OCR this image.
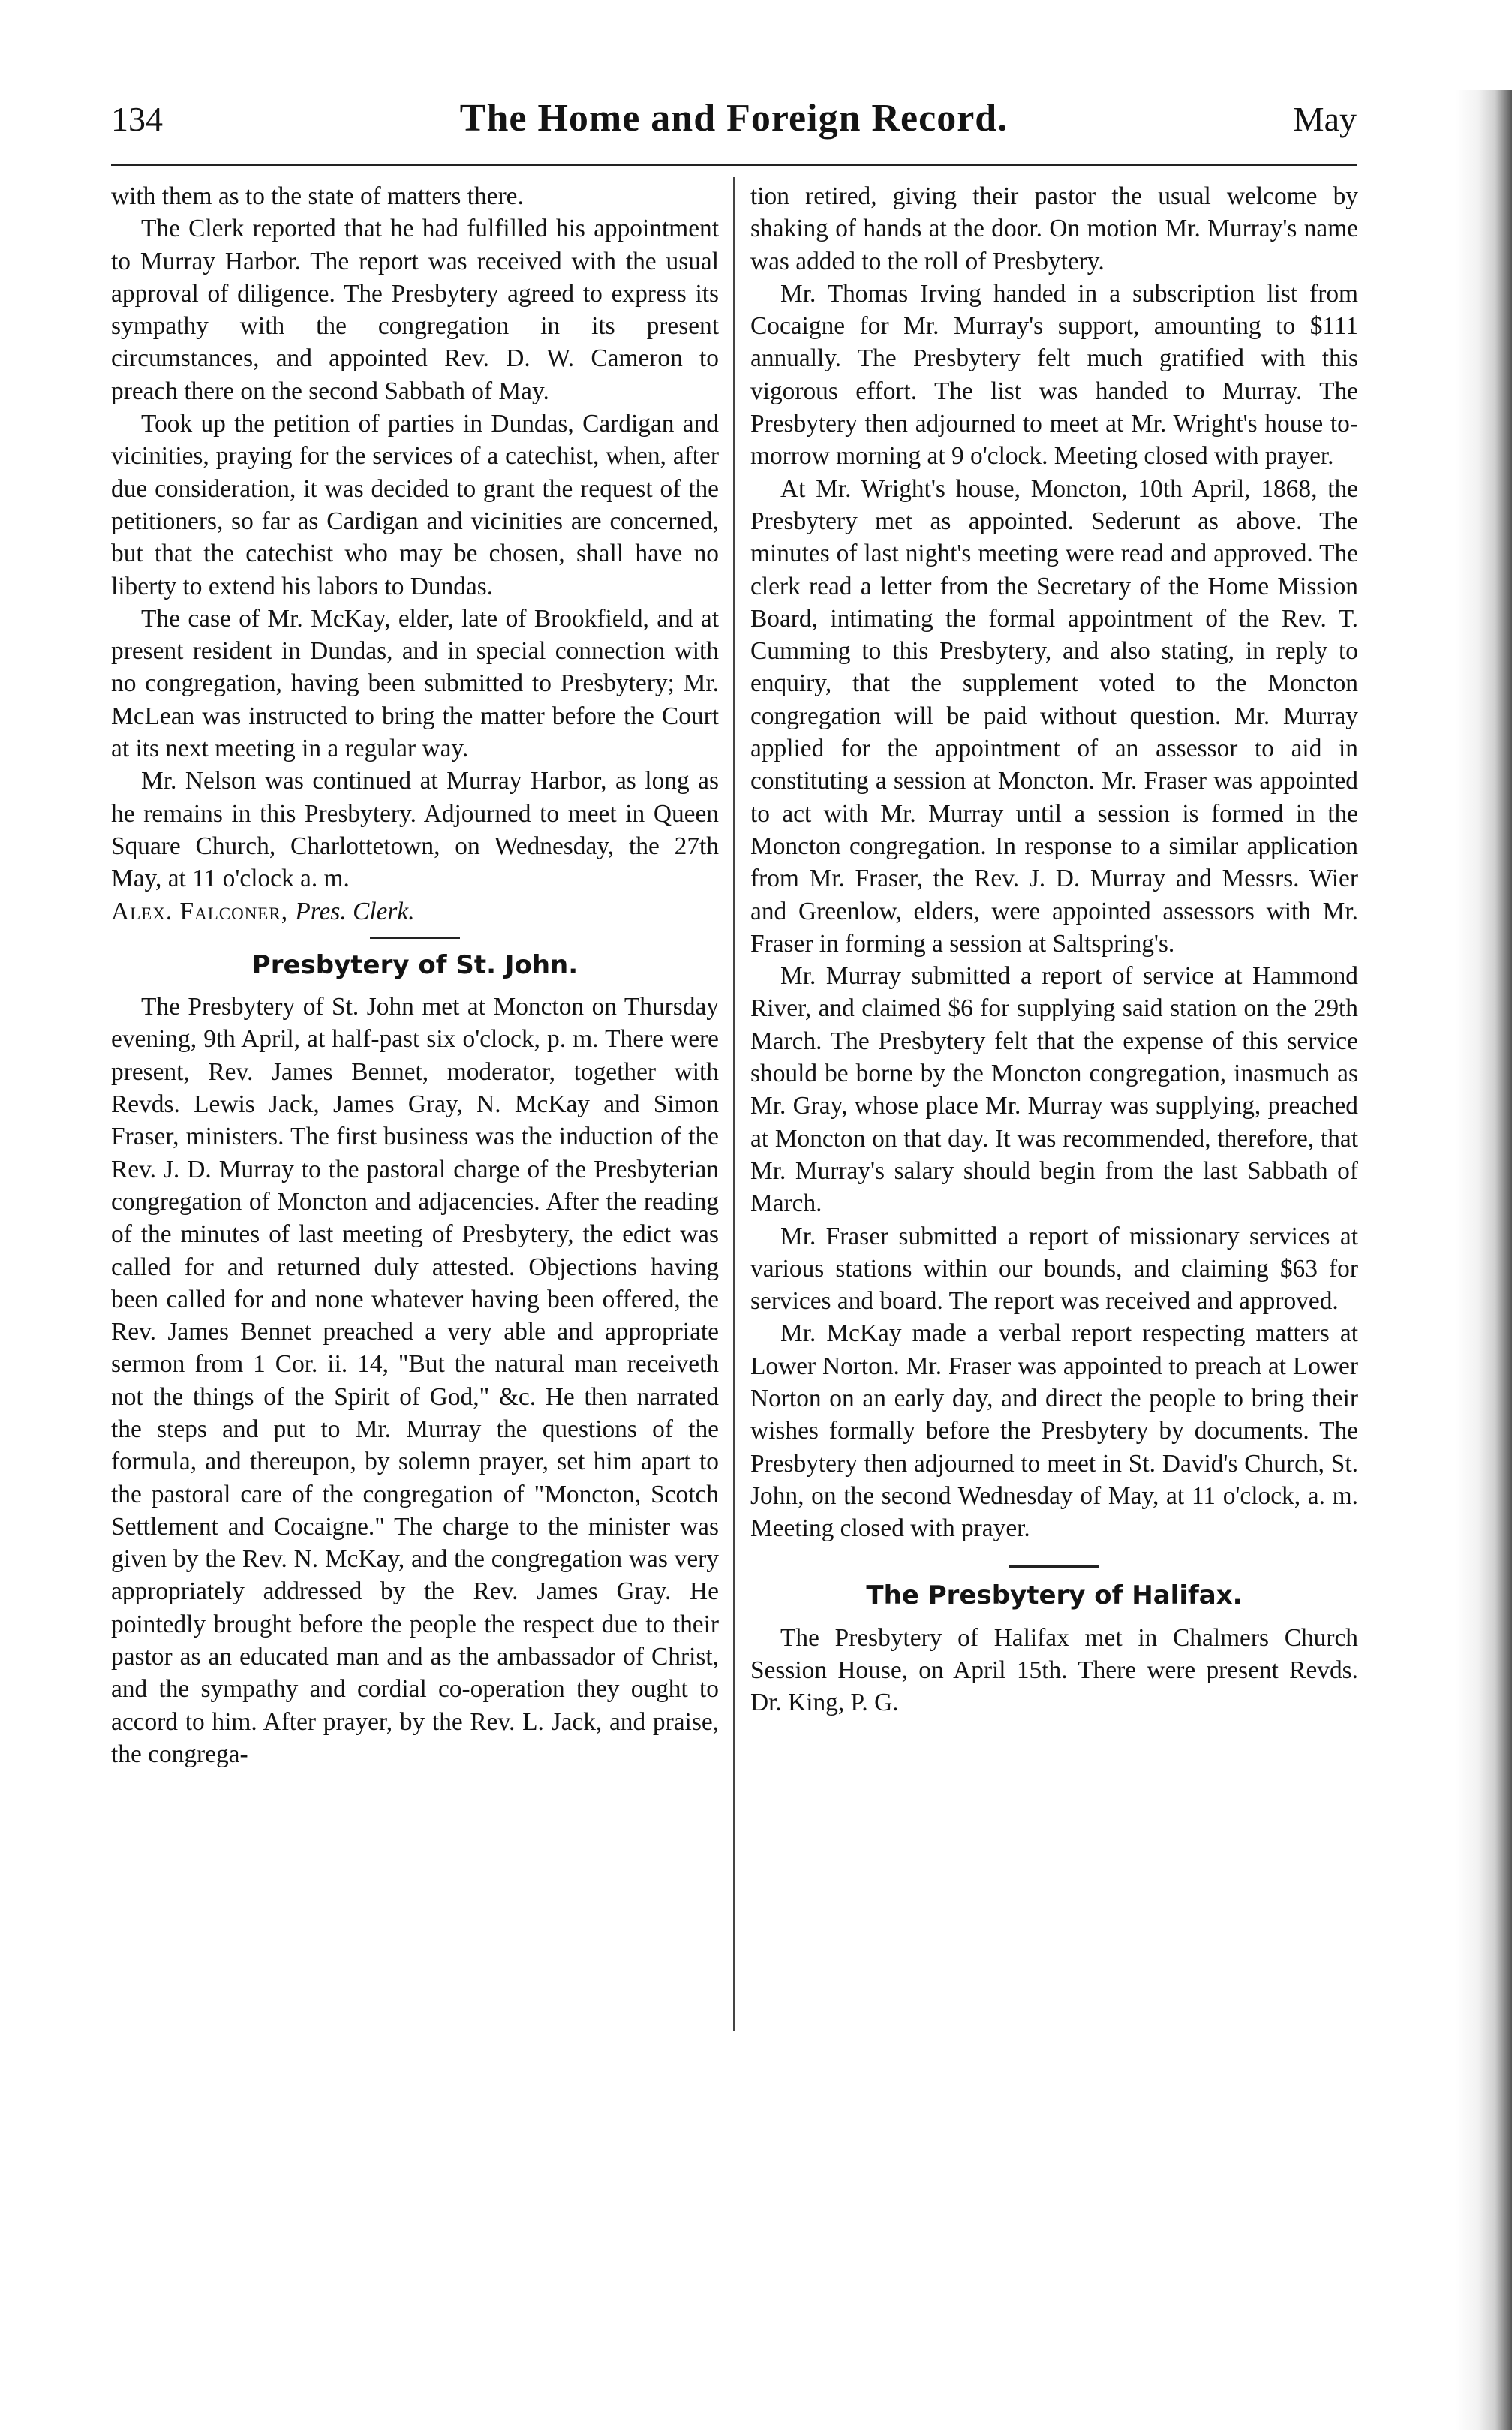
134	The Home and Foreign Record.	May

with them as to the state of matters there.

The Clerk reported that he had fulfilled his appointment to Murray Harbor. The report was received with the usual approval of diligence. The Presbytery agreed to express its sympathy with the congregation in its present circumstances, and appointed Rev. D. W. Cameron to preach there on the second Sabbath of May.

Took up the petition of parties in Dundas, Cardigan and vicinities, praying for the services of a catechist, when, after due consideration, it was decided to grant the request of the petitioners, so far as Cardigan and vicinities are concerned, but that the catechist who may be chosen, shall have no liberty to extend his labors to Dundas.

The case of Mr. McKay, elder, late of Brookfield, and at present resident in Dundas, and in special connection with no congregation, having been submitted to Presbytery; Mr. McLean was instructed to bring the matter before the Court at its next meeting in a regular way.

Mr. Nelson was continued at Murray Harbor, as long as he remains in this Presbytery. Adjourned to meet in Queen Square Church, Charlottetown, on Wednesday, the 27th May, at 11 o'clock a. m.

Alex. Falconer, Pres. Clerk.

Presbytery of St. John.

The Presbytery of St. John met at Moncton on Thursday evening, 9th April, at half-past six o'clock, p. m. There were present, Rev. James Bennet, moderator, together with Revds. Lewis Jack, James Gray, N. McKay and Simon Fraser, ministers. The first business was the induction of the Rev. J. D. Murray to the pastoral charge of the Presbyterian congregation of Moncton and adjacencies. After the reading of the minutes of last meeting of Presbytery, the edict was called for and returned duly attested. Objections having been called for and none whatever having been offered, the Rev. James Bennet preached a very able and appropriate sermon from 1 Cor. ii. 14, "But the natural man receiveth not the things of the Spirit of God," &c. He then narrated the steps and put to Mr. Murray the questions of the formula, and thereupon, by solemn prayer, set him apart to the pastoral care of the congregation of "Moncton, Scotch Settlement and Cocaigne." The charge to the minister was given by the Rev. N. McKay, and the congregation was very appropriately addressed by the Rev. James Gray. He pointedly brought before the people the respect due to their pastor as an educated man and as the ambassador of Christ, and the sympathy and cordial co-operation they ought to accord to him. After prayer, by the Rev. L. Jack, and praise, the congrega-

tion retired, giving their pastor the usual welcome by shaking of hands at the door. On motion Mr. Murray's name was added to the roll of Presbytery.

Mr. Thomas Irving handed in a subscription list from Cocaigne for Mr. Murray's support, amounting to $111 annually. The Presbytery felt much gratified with this vigorous effort. The list was handed to Murray. The Presbytery then adjourned to meet at Mr. Wright's house to-morrow morning at 9 o'clock. Meeting closed with prayer.

At Mr. Wright's house, Moncton, 10th April, 1868, the Presbytery met as appointed. Sederunt as above. The minutes of last night's meeting were read and approved. The clerk read a letter from the Secretary of the Home Mission Board, intimating the formal appointment of the Rev. T. Cumming to this Presbytery, and also stating, in reply to enquiry, that the supplement voted to the Moncton congregation will be paid without question. Mr. Murray applied for the appointment of an assessor to aid in constituting a session at Moncton. Mr. Fraser was appointed to act with Mr. Murray until a session is formed in the Moncton congregation. In response to a similar application from Mr. Fraser, the Rev. J. D. Murray and Messrs. Wier and Greenlow, elders, were appointed assessors with Mr. Fraser in forming a session at Saltspring's.

Mr. Murray submitted a report of service at Hammond River, and claimed $6 for supplying said station on the 29th March. The Presbytery felt that the expense of this service should be borne by the Moncton congregation, inasmuch as Mr. Gray, whose place Mr. Murray was supplying, preached at Moncton on that day. It was recommended, therefore, that Mr. Murray's salary should begin from the last Sabbath of March.

Mr. Fraser submitted a report of missionary services at various stations within our bounds, and claiming $63 for services and board. The report was received and approved.

Mr. McKay made a verbal report respecting matters at Lower Norton. Mr. Fraser was appointed to preach at Lower Norton on an early day, and direct the people to bring their wishes formally before the Presbytery by documents. The Presbytery then adjourned to meet in St. David's Church, St. John, on the second Wednesday of May, at 11 o'clock, a. m. Meeting closed with prayer.

The Presbytery of Halifax.

The Presbytery of Halifax met in Chalmers Church Session House, on April 15th. There were present Revds. Dr. King, P. G.
